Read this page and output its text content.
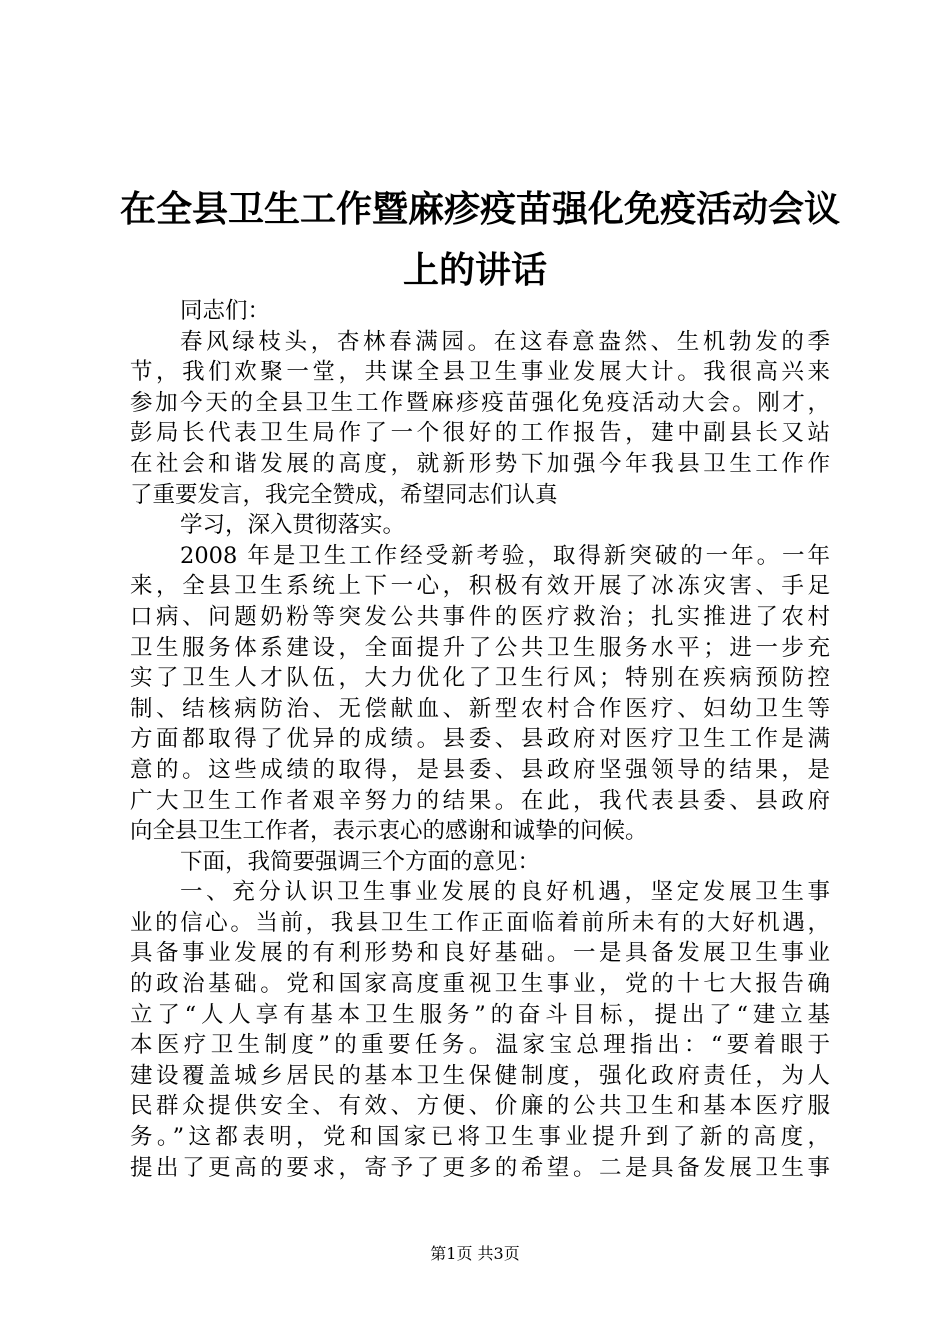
在全县卫生工作暨麻疹疫苗强化免疫活动会议
上的讲话
同志们：
春风绿枝头，杏林春满园。在这春意盎然、生机勃发的季
节，我们欢聚一堂，共谋全县卫生事业发展大计。我很高兴来
参加今天的全县卫生工作暨麻疹疫苗强化免疫活动大会。刚才，
彭局长代表卫生局作了一个很好的工作报告，建中副县长又站
在社会和谐发展的高度，就新形势下加强今年我县卫生工作作
了重要发言，我完全赞成，希望同志们认真
学习，深入贯彻落实。
2008 年是卫生工作经受新考验，取得新突破的一年。一年
来，全县卫生系统上下一心，积极有效开展了冰冻灾害、手足
口病、问题奶粉等突发公共事件的医疗救治；扎实推进了农村
卫生服务体系建设，全面提升了公共卫生服务水平；进一步充
实了卫生人才队伍，大力优化了卫生行风；特别在疾病预防控
制、结核病防治、无偿献血、新型农村合作医疗、妇幼卫生等
方面都取得了优异的成绩。县委、县政府对医疗卫生工作是满
意的。这些成绩的取得，是县委、县政府坚强领导的结果，是
广大卫生工作者艰辛努力的结果。在此，我代表县委、县政府
向全县卫生工作者，表示衷心的感谢和诚挚的问候。
下面，我简要强调三个方面的意见：
一、充分认识卫生事业发展的良好机遇，坚定发展卫生事
业的信心。当前，我县卫生工作正面临着前所未有的大好机遇，
具备事业发展的有利形势和良好基础。一是具备发展卫生事业
的政治基础。党和国家高度重视卫生事业，党的十七大报告确
立了“人人享有基本卫生服务”的奋斗目标，提出了“建立基
本医疗卫生制度”的重要任务。温家宝总理指出：“要着眼于
建设覆盖城乡居民的基本卫生保健制度，强化政府责任，为人
民群众提供安全、有效、方便、价廉的公共卫生和基本医疗服
务。”这都表明，党和国家已将卫生事业提升到了新的高度，
提出了更高的要求，寄予了更多的希望。二是具备发展卫生事
第1页 共3页
